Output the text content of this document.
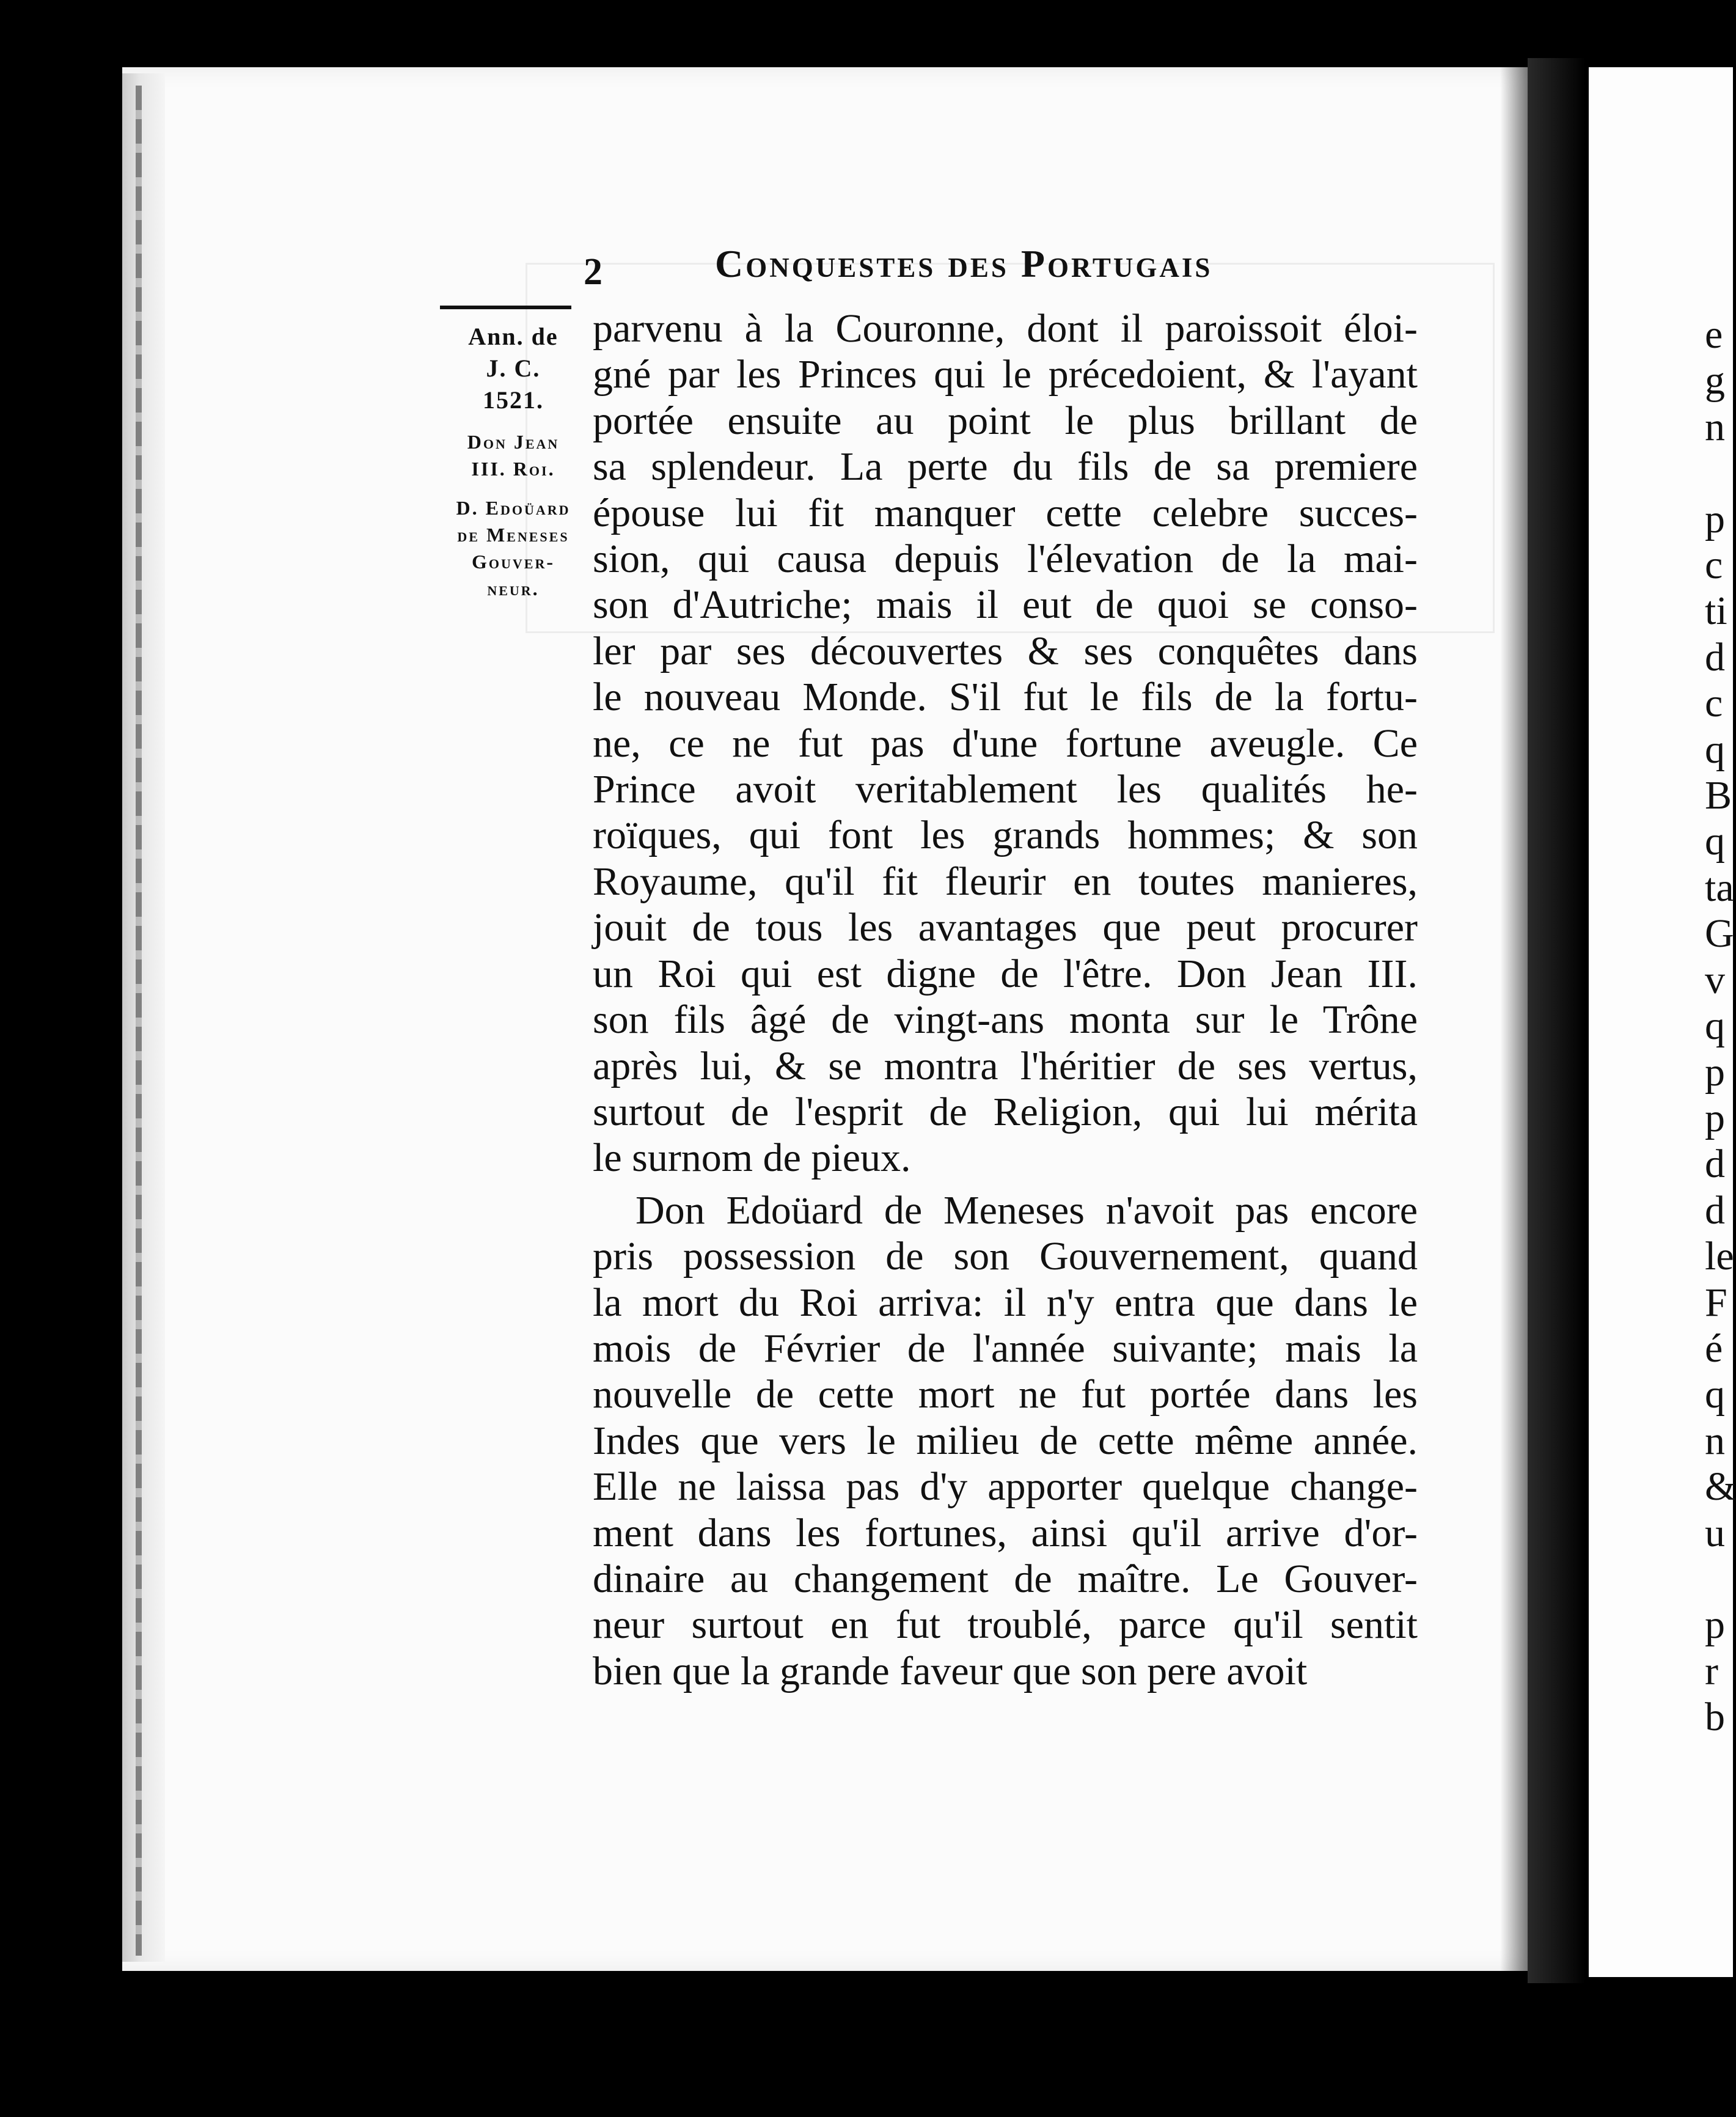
2	Conquestes des Portugais
Ann. de
J. C.
1521.
Don Jean
III. Roi.
D. Edoüard
de Meneses
Gouver-
neur.
parvenu à la Couronne, dont il paroissoit éloi-
gné par les Princes qui le précedoient, & l'ayant
portée ensuite au point le plus brillant de
sa splendeur. La perte du fils de sa premiere
épouse lui fit manquer cette celebre succes-
sion, qui causa depuis l'élevation de la mai-
son d'Autriche; mais il eut de quoi se conso-
ler par ses découvertes & ses conquêtes dans
le nouveau Monde. S'il fut le fils de la fortu-
ne, ce ne fut pas d'une fortune aveugle. Ce
Prince avoit veritablement les qualités he-
roïques, qui font les grands hommes; & son
Royaume, qu'il fit fleurir en toutes manieres,
jouit de tous les avantages que peut procurer
un Roi qui est digne de l'être. Don Jean III.
son fils âgé de vingt-ans monta sur le Trône
après lui, & se montra l'héritier de ses vertus,
surtout de l'esprit de Religion, qui lui mérita
le surnom de pieux.
Don Edoüard de Meneses n'avoit pas encore
pris possession de son Gouvernement, quand
la mort du Roi arriva: il n'y entra que dans le
mois de Février de l'année suivante; mais la
nouvelle de cette mort ne fut portée dans les
Indes que vers le milieu de cette même année.
Elle ne laissa pas d'y apporter quelque change-
ment dans les fortunes, ainsi qu'il arrive d'or-
dinaire au changement de maître. Le Gouver-
neur surtout en fut troublé, parce qu'il sentit
bien que la grande faveur que son pere avoit
e
g
n

p
c
ti
d
c
q
B
q
ta
G
v
q
p
p
d
d
le
F
é
q
n
&
u

p
r
b
